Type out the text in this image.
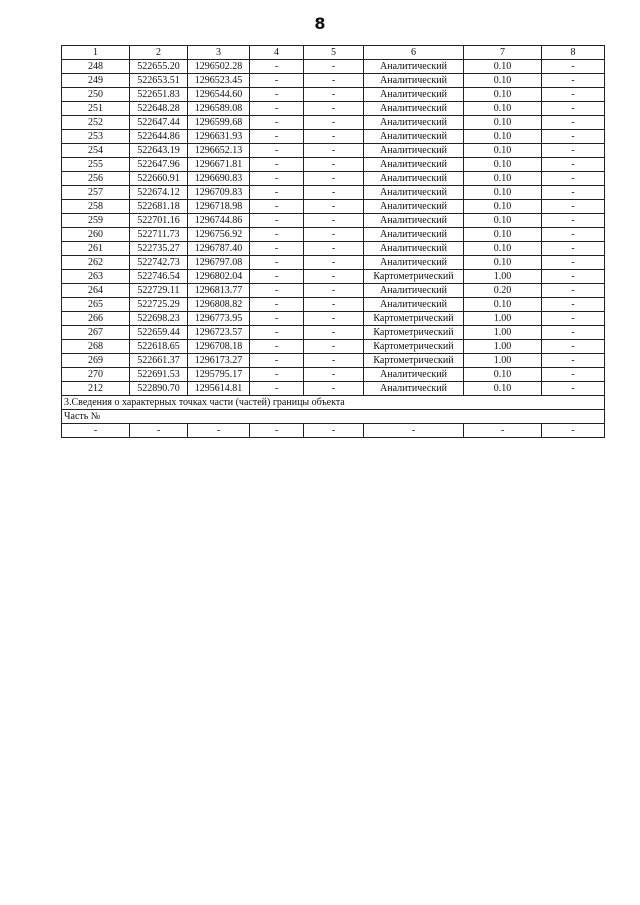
8
1	2	3	4	5	6	7	8
248	522655.20	1296502.28	-	-	Аналитический	0.10	-
249	522653.51	1296523.45	-	-	Аналитический	0.10	-
250	522651.83	1296544.60	-	-	Аналитический	0.10	-
251	522648.28	1296589.08	-	-	Аналитический	0.10	-
252	522647.44	1296599.68	-	-	Аналитический	0.10	-
253	522644.86	1296631.93	-	-	Аналитический	0.10	-
254	522643.19	1296652.13	-	-	Аналитический	0.10	-
255	522647.96	1296671.81	-	-	Аналитический	0.10	-
256	522660.91	1296690.83	-	-	Аналитический	0.10	-
257	522674.12	1296709.83	-	-	Аналитический	0.10	-
258	522681.18	1296718.98	-	-	Аналитический	0.10	-
259	522701.16	1296744.86	-	-	Аналитический	0.10	-
260	522711.73	1296756.92	-	-	Аналитический	0.10	-
261	522735.27	1296787.40	-	-	Аналитический	0.10	-
262	522742.73	1296797.08	-	-	Аналитический	0.10	-
263	522746.54	1296802.04	-	-	Картометрический	1.00	-
264	522729.11	1296813.77	-	-	Аналитический	0.20	-
265	522725.29	1296808.82	-	-	Аналитический	0.10	-
266	522698.23	1296773.95	-	-	Картометрический	1.00	-
267	522659.44	1296723.57	-	-	Картометрический	1.00	-
268	522618.65	1296708.18	-	-	Картометрический	1.00	-
269	522661.37	1296173.27	-	-	Картометрический	1.00	-
270	522691.53	1295795.17	-	-	Аналитический	0.10	-
212	522890.70	1295614.81	-	-	Аналитический	0.10	-
3.Сведения о характерных точках части (частей) границы объекта							
Часть №							
-	-	-	-	-	-	-	-
